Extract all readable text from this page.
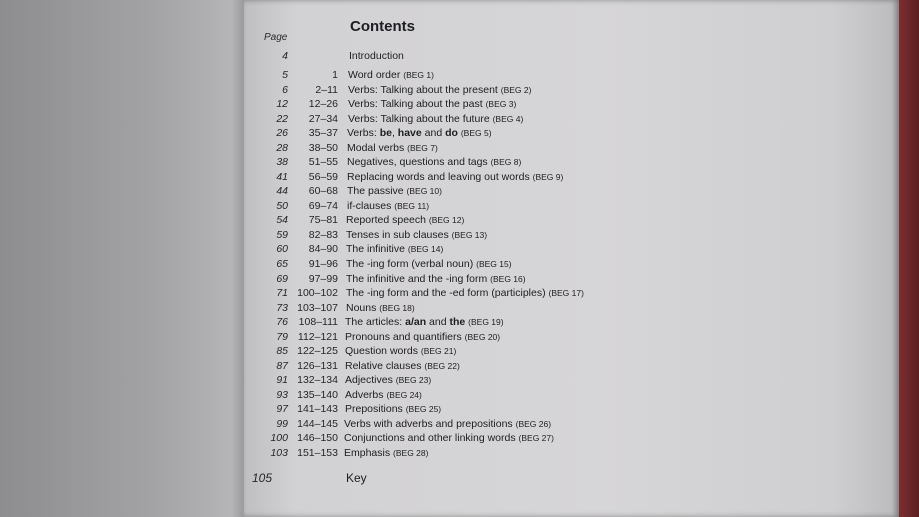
Contents
Page
4	Introduction
5	1 Word order (BEG 1)
6	2–11 Verbs: Talking about the present (BEG 2)
12	12–26 Verbs: Talking about the past (BEG 3)
22	27–34 Verbs: Talking about the future (BEG 4)
26	35–37 Verbs: be, have and do (BEG 5)
28	38–50 Modal verbs (BEG 7)
38	51–55 Negatives, questions and tags (BEG 8)
41	56–59 Replacing words and leaving out words (BEG 9)
44	60–68 The passive (BEG 10)
50	69–74 if-clauses (BEG 11)
54	75–81 Reported speech (BEG 12)
59	82–83 Tenses in sub clauses (BEG 13)
60	84–90 The infinitive (BEG 14)
65	91–96 The -ing form (verbal noun) (BEG 15)
69	97–99 The infinitive and the -ing form (BEG 16)
71 100–102 The -ing form and the -ed form (participles) (BEG 17)
73 103–107 Nouns (BEG 18)
76	108–111 The articles: a/an and the (BEG 19)
79 112–121 Pronouns and quantifiers (BEG 20)
85 122–125 Question words (BEG 21)
87 126–131 Relative clauses (BEG 22)
91 132–134 Adjectives (BEG 23)
93 135–140 Adverbs (BEG 24)
97 141–143 Prepositions (BEG 25)
99 144–145 Verbs with adverbs and prepositions (BEG 26)
100 146–150 Conjunctions and other linking words (BEG 27)
103 151–153 Emphasis (BEG 28)
105	Key
